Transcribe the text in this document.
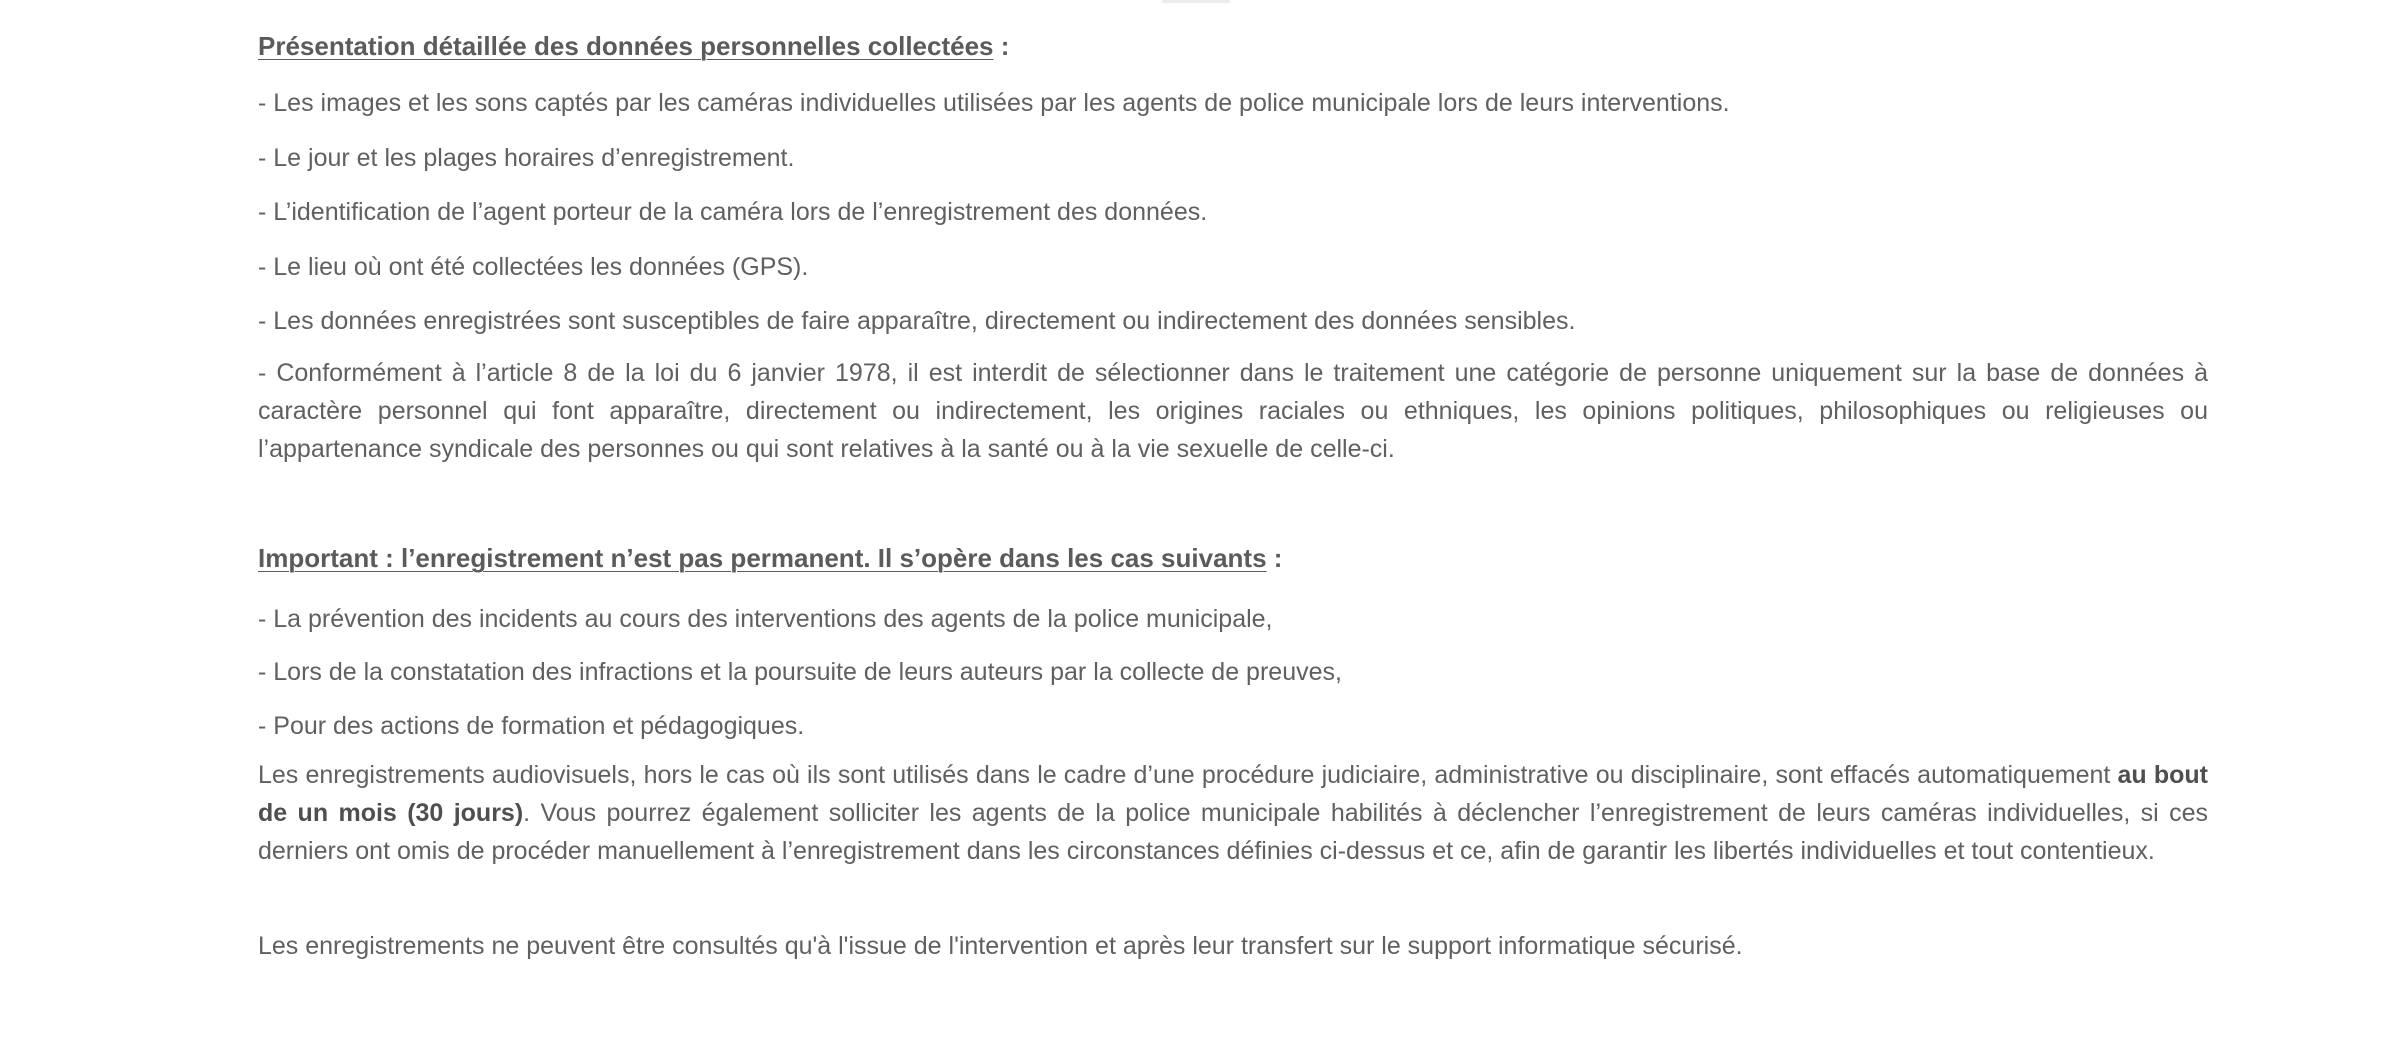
Présentation détaillée des données personnelles collectées :
- Les images et les sons captés par les caméras individuelles utilisées par les agents de police municipale lors de leurs interventions.
- Le jour et les plages horaires d’enregistrement.
- L’identification de l’agent porteur de la caméra lors de l’enregistrement des données.
- Le lieu où ont été collectées les données (GPS).
- Les données enregistrées sont susceptibles de faire apparaître, directement ou indirectement des données sensibles.
- Conformément à l’article 8 de la loi du 6 janvier 1978, il est interdit de sélectionner dans le traitement une catégorie de personne uniquement sur la base de données à caractère personnel qui font apparaître, directement ou indirectement, les origines raciales ou ethniques, les opinions politiques, philosophiques ou religieuses ou l’appartenance syndicale des personnes ou qui sont relatives à la santé ou à la vie sexuelle de celle-ci.
Important : l’enregistrement n’est pas permanent. Il s’opère dans les cas suivants :
- La prévention des incidents au cours des interventions des agents de la police municipale,
- Lors de la constatation des infractions et la poursuite de leurs auteurs par la collecte de preuves,
- Pour des actions de formation et pédagogiques.
Les enregistrements audiovisuels, hors le cas où ils sont utilisés dans le cadre d’une procédure judiciaire, administrative ou disciplinaire, sont effacés automatiquement au bout de un mois (30 jours). Vous pourrez également solliciter les agents de la police municipale habilités à déclencher l’enregistrement de leurs caméras individuelles, si ces derniers ont omis de procéder manuellement à l’enregistrement dans les circonstances définies ci-dessus et ce, afin de garantir les libertés individuelles et tout contentieux.
Les enregistrements ne peuvent être consultés qu'à l'issue de l'intervention et après leur transfert sur le support informatique sécurisé.
